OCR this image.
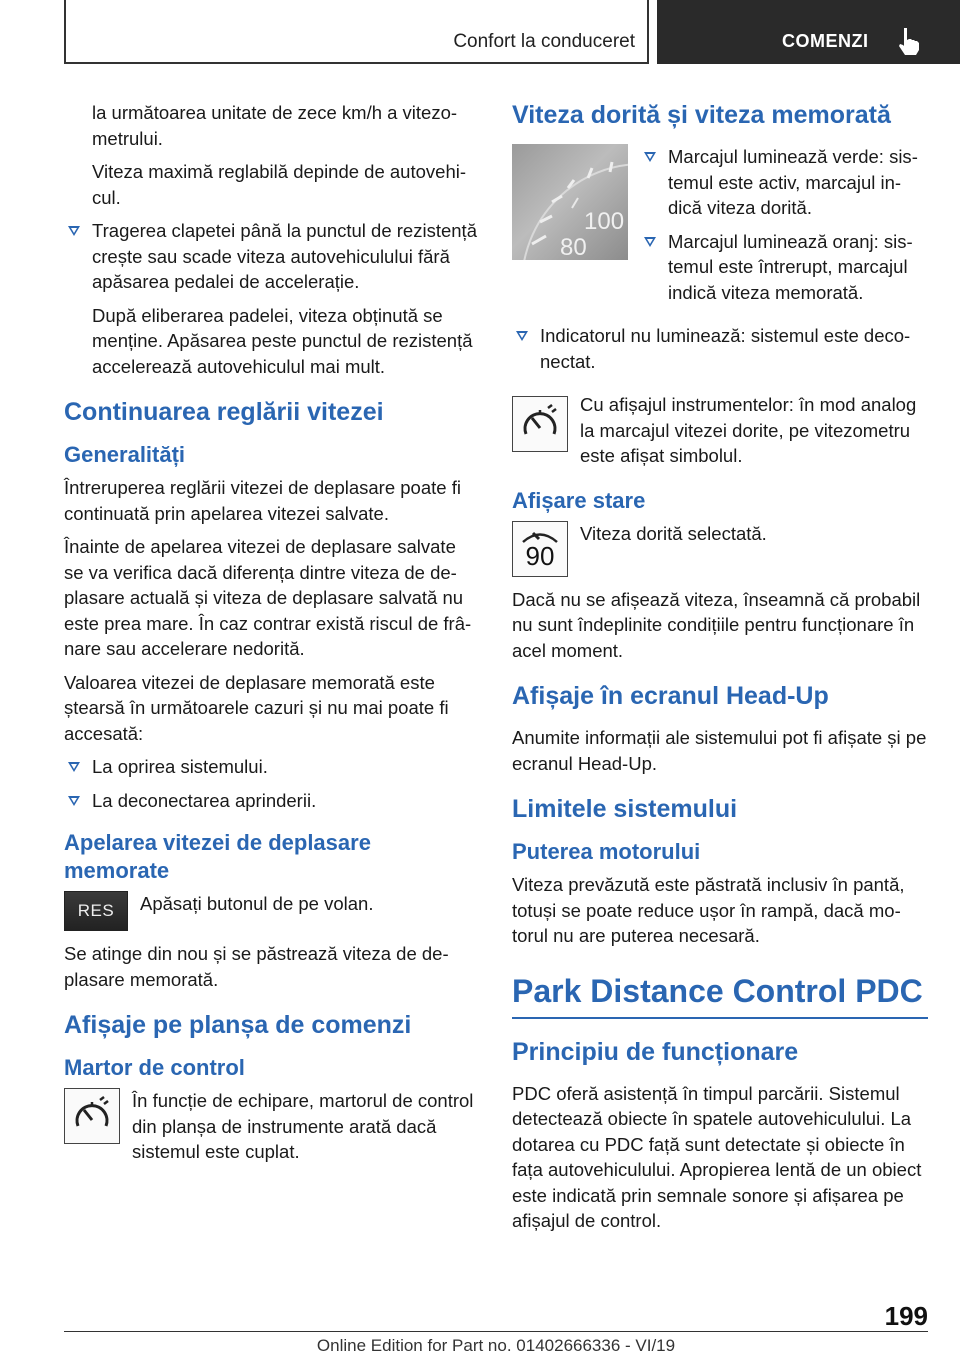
Confort la conduceret	COMENZI

la următoarea unitate de zece km/h a vitezometrului.

Viteza maximă reglabilă depinde de autovehicul.

Tragerea clapetei până la punctul de rezistență crește sau scade viteza autovehiculului fără apăsarea pedalei de accelerație.

După eliberarea padelei, viteza obținută se menține. Apăsarea peste punctul de rezistență accelerează autovehiculul mai mult.

Continuarea reglării vitezei
Generalități

Întreruperea reglării vitezei de deplasare poate fi continuată prin apelarea vitezei salvate.

Înainte de apelarea vitezei de deplasare salvate se va verifica dacă diferența dintre viteza de deplasare actuală și viteza de deplasare salvată nu este prea mare. În caz contrar există riscul de frânare sau accelerare nedorită.

Valoarea vitezei de deplasare memorată este ștearsă în următoarele cazuri și nu mai poate fi accesată:

La oprirea sistemului.
La deconectarea aprinderii.
Apelarea vitezei de deplasare memorate
RES	Apăsați butonul de pe volan.

Se atinge din nou și se păstrează viteza de deplasare memorată.

Afișaje pe planșa de comenzi
Martor de control
În funcție de echipare, martorul de control din planșa de instrumente arată dacă sistemul este cuplat.
Viteza dorită și viteza memorată
100
80
Marcajul luminează verde: sistemul este activ, marcajul indică viteza dorită.
Marcajul luminează oranj: sistemul este întrerupt, marcajul indică viteza memorată.
Indicatorul nu luminează: sistemul este deconectat.
Cu afișajul instrumentelor: în mod analog la marcajul vitezei dorite, pe vitezometru este afișat simbolul.
Afișare stare
90
Viteza dorită selectată.

Dacă nu se afișează viteza, înseamnă că probabil nu sunt îndeplinite condițiile pentru funcționare în acel moment.

Afișaje în ecranul Head-Up

Anumite informații ale sistemului pot fi afișate și pe ecranul Head-Up.

Limitele sistemului
Puterea motorului

Viteza prevăzută este păstrată inclusiv în pantă, totuși se poate reduce ușor în rampă, dacă motorul nu are puterea necesară.

Park Distance Control PDC
Principiu de funcționare

PDC oferă asistență în timpul parcării. Sistemul detectează obiecte în spatele autovehiculului. La dotarea cu PDC față sunt detectate și obiecte în fața autovehiculului. Apropierea lentă de un obiect este indicată prin semnale sonore și afișarea pe afișajul de control.

199
Online Edition for Part no. 01402666336 - VI/19
